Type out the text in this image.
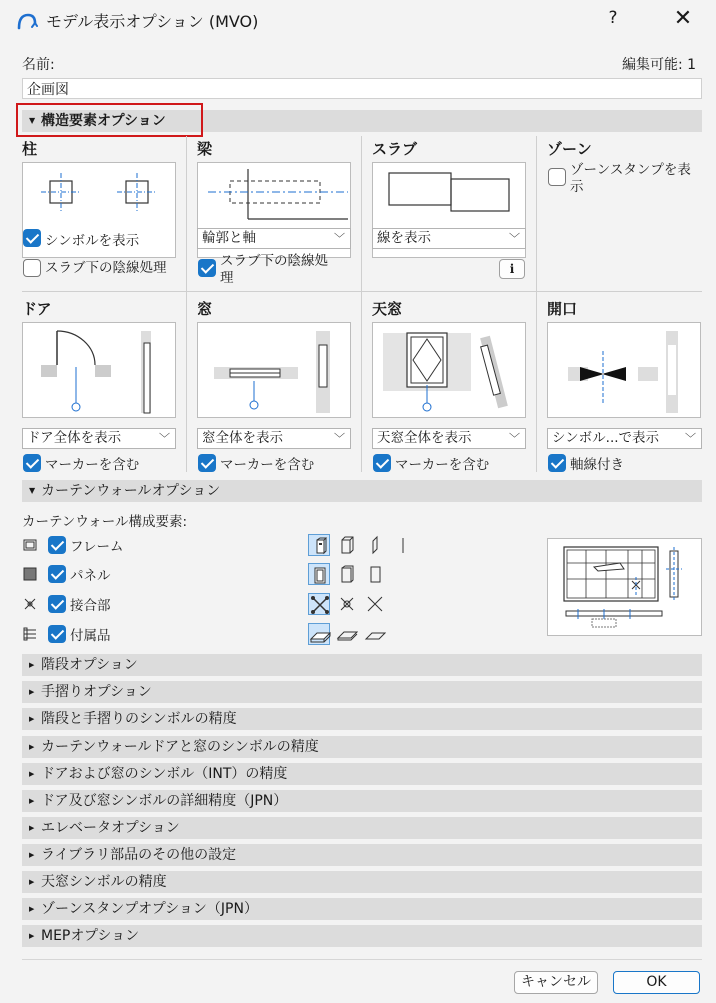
モデル表示オプション (MVO)	?	✕
名前:	編集可能: 1
企画図
▼ 構造要素オプション
柱
シンボルを表示
スラブ下の陰線処理
梁
輪郭と軸	﹀
スラブ下の陰線処
理
スラブ
線を表示	﹀
i
ゾーン
ゾーンスタンプを表
示
ドア
ドア全体を表示	﹀
マーカーを含む
窓
窓全体を表示	﹀
マーカーを含む
天窓
天窓全体を表示	﹀
マーカーを含む
開口
シンボル...で表示 ﹀
軸線付き
▼ カーテンウォールオプション
カーテンウォール構成要素:
フレーム
パネル
接合部
付属品
キャンセル	OK
▶ 階段オプション
▶ 手摺りオプション
▶ 階段と手摺りのシンボルの精度
▶ カーテンウォールドアと窓のシンボルの精度
▶ ドアおよび窓のシンボル（INT）の精度
▶ ドア及び窓シンボルの詳細精度（JPN）
▶ エレベータオプション
▶ ライブラリ部品のその他の設定
▶ 天窓シンボルの精度
▶ ゾーンスタンプオプション（JPN）
▶ MEPオプション
